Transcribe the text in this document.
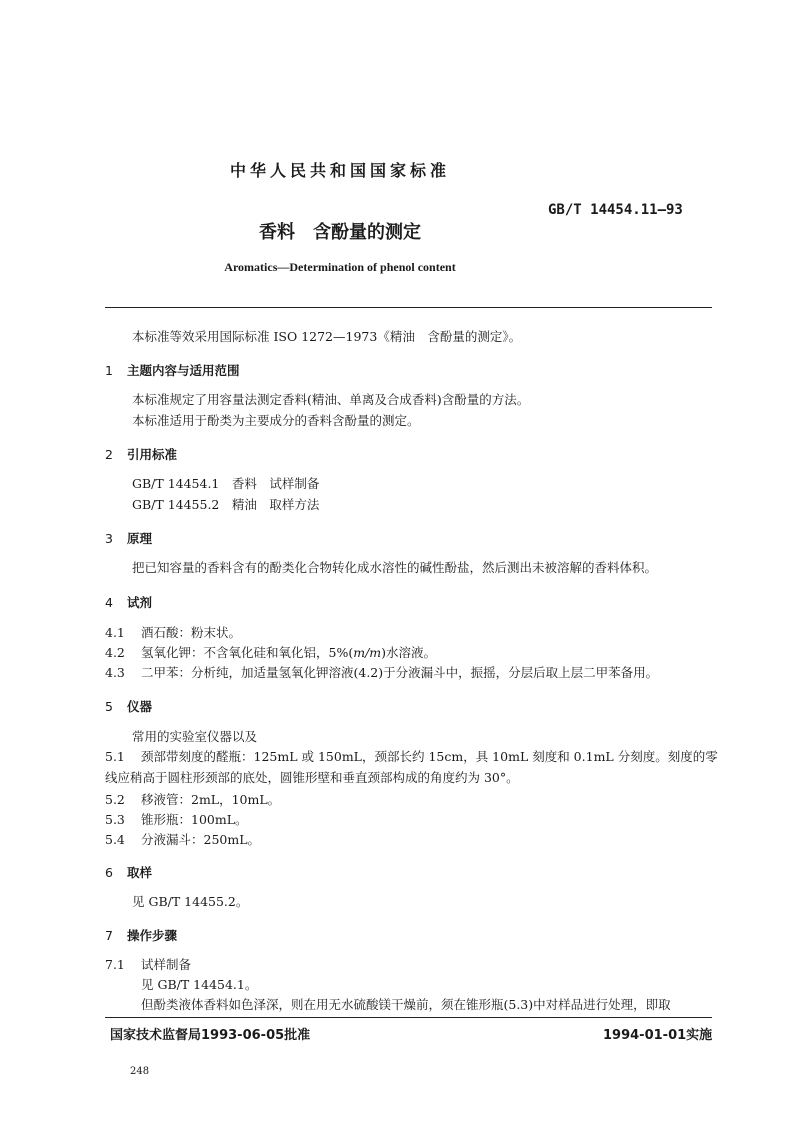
中华人民共和国国家标准
GB/T 14454.11—93
香料 含酚量的测定
Aromatics—Determination of phenol content
本标准等效采用国际标准 ISO 1272—1973《精油　含酚量的测定》。
1 主题内容与适用范围
本标准规定了用容量法测定香料(精油、单离及合成香料)含酚量的方法。
本标准适用于酚类为主要成分的香料含酚量的测定。
2 引用标准
GB/T 14454.1　香料　试样制备
GB/T 14455.2　精油　取样方法
3 原理
把已知容量的香料含有的酚类化合物转化成水溶性的碱性酚盐，然后测出未被溶解的香料体积。
4 试剂
4.1 酒石酸：粉末状。
4.2 氢氧化钾：不含氧化硅和氧化铝，5%(m/m)水溶液。
4.3 二甲苯：分析纯，加适量氢氧化钾溶液(4.2)于分液漏斗中，振摇，分层后取上层二甲苯备用。
5 仪器
常用的实验室仪器以及
5.1 颈部带刻度的醛瓶：125mL 或 150mL，颈部长约 15cm，具 10mL 刻度和 0.1mL 分刻度。刻度的零
线应稍高于圆柱形颈部的底处，圆锥形壁和垂直颈部构成的角度约为 30°。
5.2 移液管：2mL，10mL。
5.3 锥形瓶：100mL。
5.4 分液漏斗：250mL。
6 取样
见 GB/T 14455.2。
7 操作步骤
7.1 试样制备
见 GB/T 14454.1。
但酚类液体香料如色泽深，则在用无水硫酸镁干燥前，须在锥形瓶(5.3)中对样品进行处理，即取
国家技术监督局1993-06-05批准	1994-01-01实施
248
